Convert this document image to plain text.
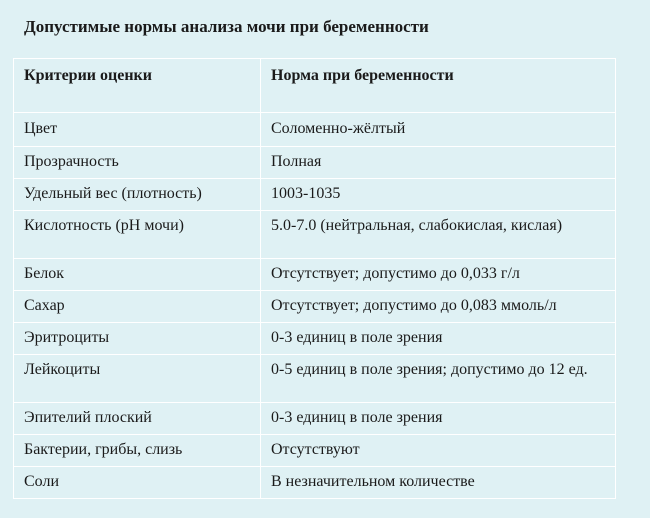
Допустимые нормы анализа мочи при беременности
Критерии оценки	Норма при беременности
Цвет	Соломенно-жёлтый
Прозрачность	Полная
Удельный вес (плотность)	1003-1035
Кислотность (pH мочи)	5.0-7.0 (нейтральная, слабокислая, кислая)
Белок	Отсутствует; допустимо до 0,033 г/л
Сахар	Отсутствует; допустимо до 0,083 ммоль/л
Эритроциты	0-3 единиц в поле зрения
Лейкоциты	0-5 единиц в поле зрения; допустимо до 12 ед.
Эпителий плоский	0-3 единиц в поле зрения
Бактерии, грибы, слизь	Отсутствуют
Соли	В незначительном количестве
